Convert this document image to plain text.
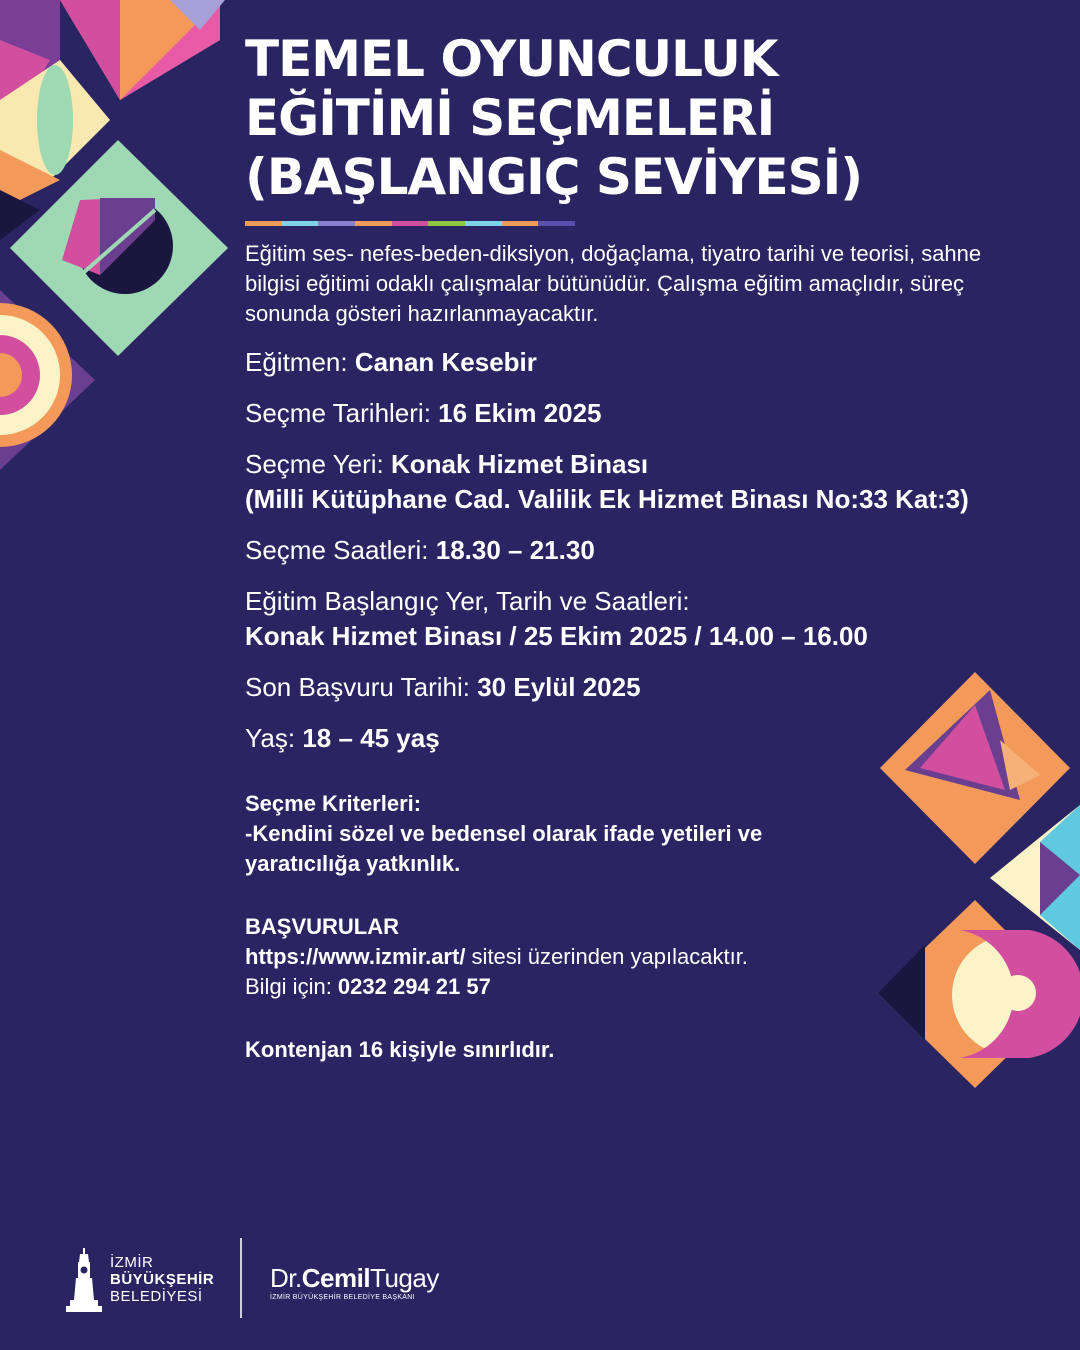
TEMEL OYUNCULUK
EĞİTİMİ SEÇMELERİ
(BAŞLANGIÇ SEVİYESİ)
Eğitim ses- nefes-beden-diksiyon, doğaçlama, tiyatro tarihi ve teorisi, sahne bilgisi eğitimi odaklı çalışmalar bütünüdür. Çalışma eğitim amaçlıdır, süreç sonunda gösteri hazırlanmayacaktır.
Eğitmen: Canan Kesebir
Seçme Tarihleri: 16 Ekim 2025
Seçme Yeri: Konak Hizmet Binası
(Milli Kütüphane Cad. Valilik Ek Hizmet Binası No:33 Kat:3)
Seçme Saatleri: 18.30 – 21.30
Eğitim Başlangıç Yer, Tarih ve Saatleri:
Konak Hizmet Binası / 25 Ekim 2025 / 14.00 – 16.00
Son Başvuru Tarihi: 30 Eylül 2025
Yaş: 18 – 45 yaş
Seçme Kriterleri:
-Kendini sözel ve bedensel olarak ifade yetileri ve yaratıcılığa yatkınlık.
BAŞVURULAR
https://www.izmir.art/ sitesi üzerinden yapılacaktır.
Bilgi için: 0232 294 21 57
Kontenjan 16 kişiyle sınırlıdır.
İZMİR
BÜYÜKŞEHİR
BELEDİYESİ
Dr.CemilTugay
İZMİR BÜYÜKŞEHİR BELEDİYE BAŞKANI
